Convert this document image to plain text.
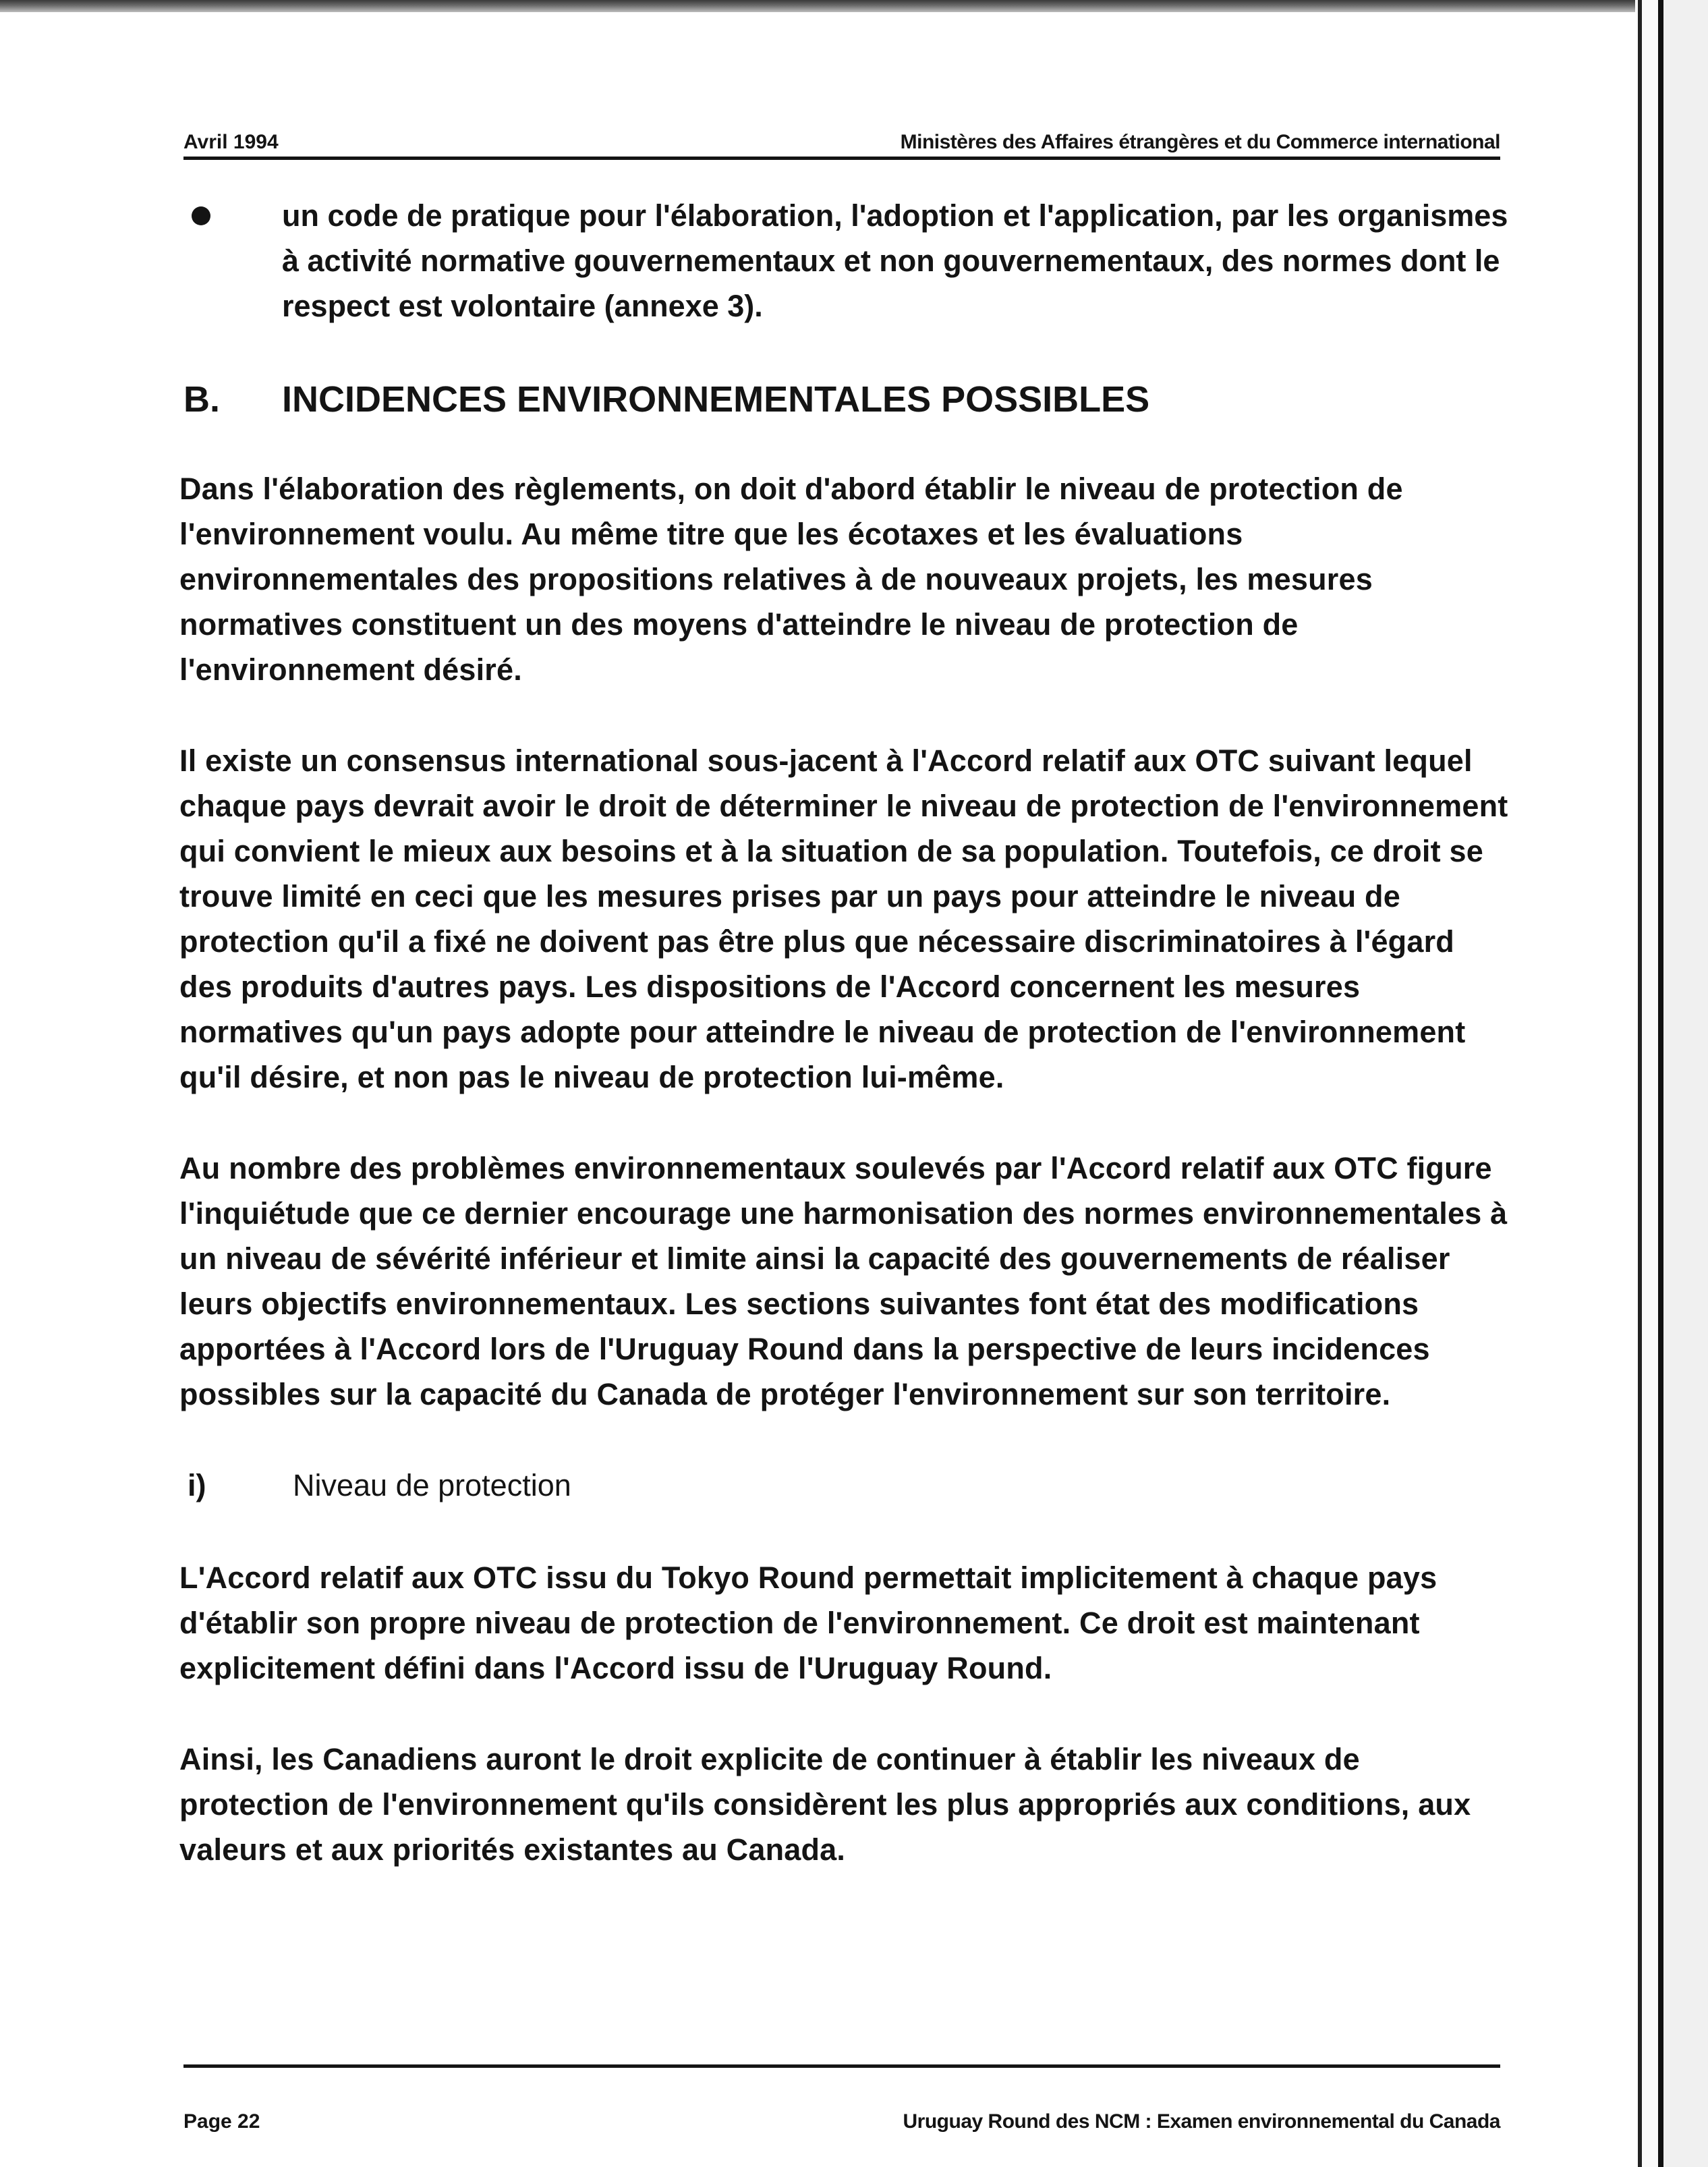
Avril 1994	Ministères des Affaires étrangères et du Commerce international
un code de pratique pour l'élaboration, l'adoption et l'application, par les organismes à activité normative gouvernementaux et non gouvernementaux, des normes dont le respect est volontaire (annexe 3).
B. INCIDENCES ENVIRONNEMENTALES POSSIBLES

Dans l'élaboration des règlements, on doit d'abord établir le niveau de protection de l'environnement voulu. Au même titre que les écotaxes et les évaluations environnementales des propositions relatives à de nouveaux projets, les mesures normatives constituent un des moyens d'atteindre le niveau de protection de l'environnement désiré.

Il existe un consensus international sous-jacent à l'Accord relatif aux OTC suivant lequel chaque pays devrait avoir le droit de déterminer le niveau de protection de l'environnement qui convient le mieux aux besoins et à la situation de sa population. Toutefois, ce droit se trouve limité en ceci que les mesures prises par un pays pour atteindre le niveau de protection qu'il a fixé ne doivent pas être plus que nécessaire discriminatoires à l'égard des produits d'autres pays. Les dispositions de l'Accord concernent les mesures normatives qu'un pays adopte pour atteindre le niveau de protection de l'environnement qu'il désire, et non pas le niveau de protection lui-même.

Au nombre des problèmes environnementaux soulevés par l'Accord relatif aux OTC figure l'inquiétude que ce dernier encourage une harmonisation des normes environnementales à un niveau de sévérité inférieur et limite ainsi la capacité des gouvernements de réaliser leurs objectifs environnementaux. Les sections suivantes font état des modifications apportées à l'Accord lors de l'Uruguay Round dans la perspective de leurs incidences possibles sur la capacité du Canada de protéger l'environnement sur son territoire.

i)	Niveau de protection

L'Accord relatif aux OTC issu du Tokyo Round permettait implicitement à chaque pays d'établir son propre niveau de protection de l'environnement. Ce droit est maintenant explicitement défini dans l'Accord issu de l'Uruguay Round.

Ainsi, les Canadiens auront le droit explicite de continuer à établir les niveaux de protection de l'environnement qu'ils considèrent les plus appropriés aux conditions, aux valeurs et aux priorités existantes au Canada.

Page 22	Uruguay Round des NCM : Examen environnemental du Canada
